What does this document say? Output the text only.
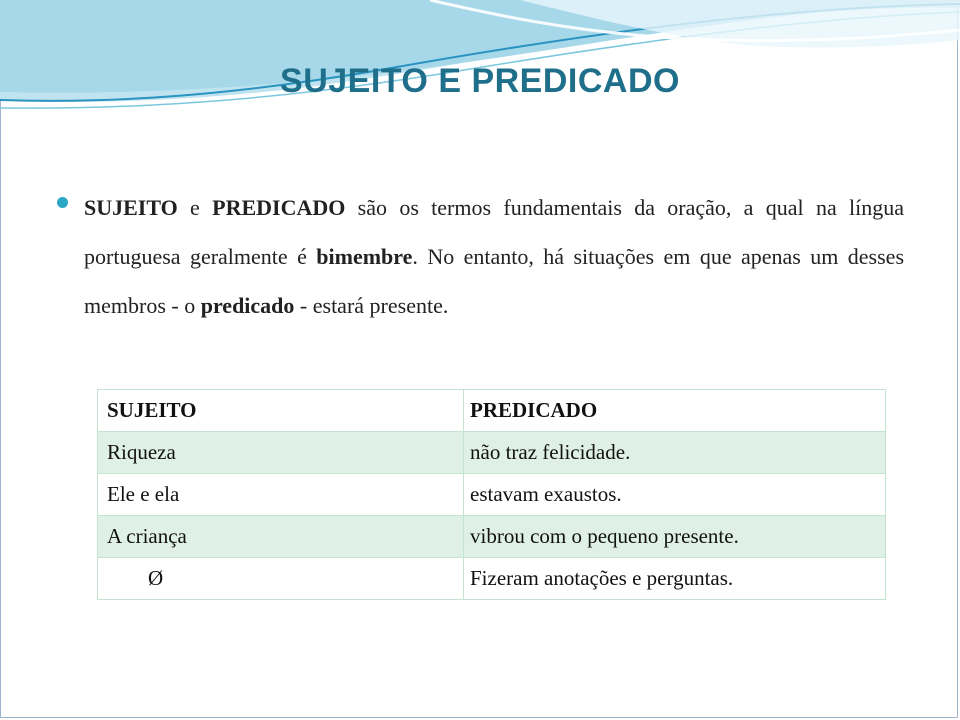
SUJEITO E PREDICADO
SUJEITO e PREDICADO são os termos fundamentais da oração, a qual na língua portuguesa geralmente é bimembre. No entanto, há situações em que apenas um desses membros - o predicado - estará presente.
SUJEITO	PREDICADO
Riqueza	não traz felicidade.
Ele e ela	estavam exaustos.
A criança	vibrou com o pequeno presente.
Ø	Fizeram anotações e perguntas.
